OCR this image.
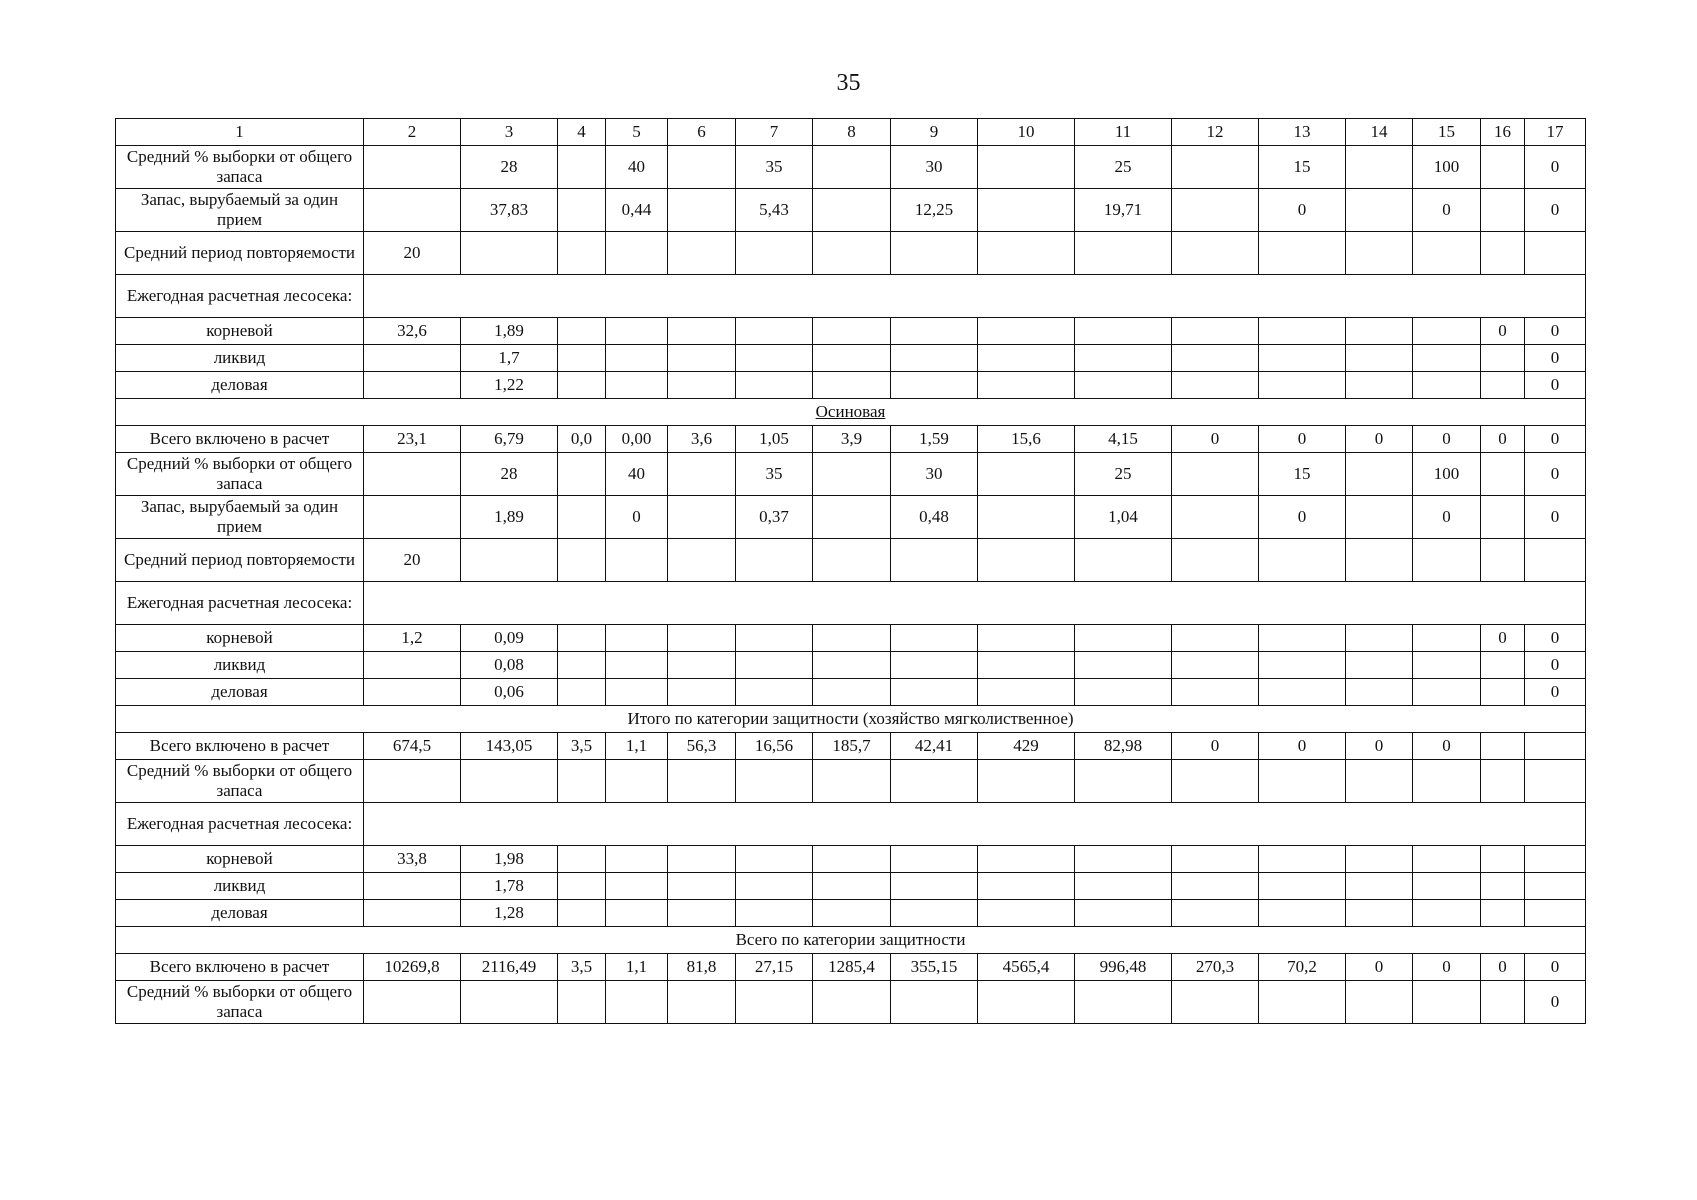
35
1	2	3	4	5	6	7	8	9	10	11	12	13	14	15	16	17
Средний % выборки от общего запаса		28		40		35		30		25		15		100		0
Запас, вырубаемый за один прием		37,83		0,44		5,43		12,25		19,71		0		0		0
Средний период повторяемости	20															
Ежегодная расчетная лесосека:																
корневой	32,6	1,89													0	0
ликвид		1,7														0
деловая		1,22														0
Осиновая																
Всего включено в расчет	23,1	6,79	0,0	0,00	3,6	1,05	3,9	1,59	15,6	4,15	0	0	0	0	0	0
Средний % выборки от общего запаса		28		40		35		30		25		15		100		0
Запас, вырубаемый за один прием		1,89		0		0,37		0,48		1,04		0		0		0
Средний период повторяемости	20															
Ежегодная расчетная лесосека:																
корневой	1,2	0,09													0	0
ликвид		0,08														0
деловая		0,06														0
Итого по категории защитности (хозяйство мягколиственное)																
Всего включено в расчет	674,5	143,05	3,5	1,1	56,3	16,56	185,7	42,41	429	82,98	0	0	0	0		
Средний % выборки от общего запаса																
Ежегодная расчетная лесосека:																
корневой	33,8	1,98														
ликвид		1,78														
деловая		1,28														
Всего по категории защитности																
Всего включено в расчет	10269,8	2116,49	3,5	1,1	81,8	27,15	1285,4	355,15	4565,4	996,48	270,3	70,2	0	0	0	0
Средний % выборки от общего запаса																0
